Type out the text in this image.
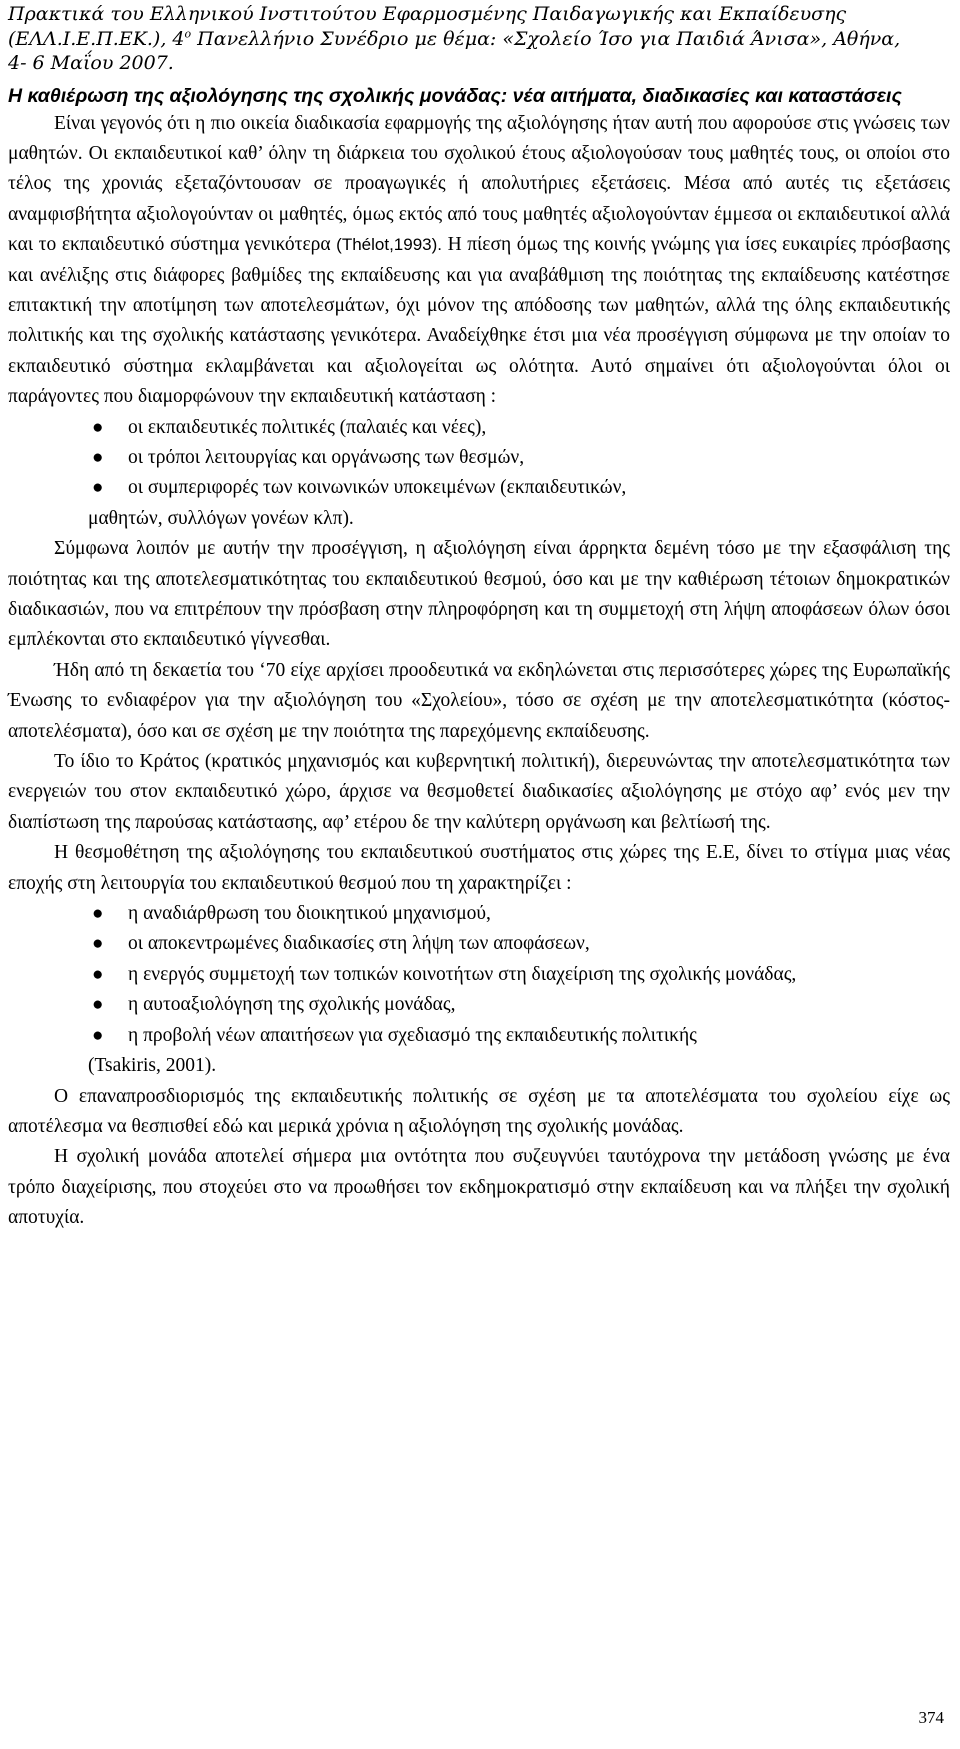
Πρακτικά του Ελληνικού Ινστιτούτου Εφαρμοσμένης Παιδαγωγικής και Εκπαίδευσης
(ΕΛΛ.Ι.Ε.Π.ΕΚ.), $4^o$ Πανελλήνιο Συνέδριο με θέμα: «Σχολείο Ίσο για Παιδιά Άνισα», Αθήνα,
4- 6 Μαΐου 2007.
Η καθιέρωση της αξιολόγησης της σχολικής μονάδας: νέα αιτήματα, διαδικασίες και καταστάσεις

Είναι γεγονός ότι η πιο οικεία διαδικασία εφαρμογής της αξιολόγησης ήταν αυτή που αφορούσε στις γνώσεις των μαθητών. Οι εκπαιδευτικοί καθ’ όλην τη διάρκεια του σχολικού έτους αξιολογούσαν τους μαθητές τους, οι οποίοι στο τέλος της χρονιάς εξεταζόντουσαν σε προαγωγικές ή απολυτήριες εξετάσεις. Μέσα από αυτές τις εξετάσεις αναμφισβήτητα αξιολογούνταν οι μαθητές, όμως εκτός από τους μαθητές αξιολογούνταν έμμεσα οι εκπαιδευτικοί αλλά και το εκπαιδευτικό σύστημα γενικότερα (Thélot,1993). Η πίεση όμως της κοινής γνώμης για ίσες ευκαιρίες πρόσβασης και ανέλιξης στις διάφορες βαθμίδες της εκπαίδευσης και για αναβάθμιση της ποιότητας της εκπαίδευσης κατέστησε επιτακτική την αποτίμηση των αποτελεσμάτων, όχι μόνον της απόδοσης των μαθητών, αλλά της όλης εκπαιδευτικής πολιτικής και της σχολικής κατάστασης γενικότερα. Αναδείχθηκε έτσι μια νέα προσέγγιση σύμφωνα με την οποίαν το εκπαιδευτικό σύστημα εκλαμβάνεται και αξιολογείται ως ολότητα. Αυτό σημαίνει ότι αξιολογούνται όλοι οι παράγοντες που διαμορφώνουν την εκπαιδευτική κατάσταση :

● οι εκπαιδευτικές πολιτικές (παλαιές και νέες),
● οι τρόποι λειτουργίας και οργάνωσης των θεσμών,
● οι συμπεριφορές των κοινωνικών υποκειμένων (εκπαιδευτικών,

μαθητών, συλλόγων γονέων κλπ).

Σύμφωνα λοιπόν με αυτήν την προσέγγιση, η αξιολόγηση είναι άρρηκτα δεμένη τόσο με την εξασφάλιση της ποιότητας και της αποτελεσματικότητας του εκπαιδευτικού θεσμού, όσο και με την καθιέρωση τέτοιων δημοκρατικών διαδικασιών, που να επιτρέπουν την πρόσβαση στην πληροφόρηση και τη συμμετοχή στη λήψη αποφάσεων όλων όσοι εμπλέκονται στο εκπαιδευτικό γίγνεσθαι.

Ήδη από τη δεκαετία του ‘70 είχε αρχίσει προοδευτικά να εκδηλώνεται στις περισσότερες χώρες της Ευρωπαϊκής Ένωσης το ενδιαφέρον για την αξιολόγηση του «Σχολείου», τόσο σε σχέση με την αποτελεσματικότητα (κόστος-αποτελέσματα), όσο και σε σχέση με την ποιότητα της παρεχόμενης εκπαίδευσης.

Το ίδιο το Κράτος (κρατικός μηχανισμός και κυβερνητική πολιτική), διερευνώντας την αποτελεσματικότητα των ενεργειών του στον εκπαιδευτικό χώρο, άρχισε να θεσμοθετεί διαδικασίες αξιολόγησης με στόχο αφ’ ενός μεν την διαπίστωση της παρούσας κατάστασης, αφ’ ετέρου δε την καλύτερη οργάνωση και βελτίωσή της.

Η θεσμοθέτηση της αξιολόγησης του εκπαιδευτικού συστήματος στις χώρες της Ε.Ε, δίνει το στίγμα μιας νέας εποχής στη λειτουργία του εκπαιδευτικού θεσμού που τη χαρακτηρίζει :

● η αναδιάρθρωση του διοικητικού μηχανισμού,
● οι αποκεντρωμένες διαδικασίες στη λήψη των αποφάσεων,
● η ενεργός συμμετοχή των τοπικών κοινοτήτων στη διαχείριση της σχολικής μονάδας,
● η αυτοαξιολόγηση της σχολικής μονάδας,
● η προβολή νέων απαιτήσεων για σχεδιασμό της εκπαιδευτικής πολιτικής

(Tsakiris, 2001).

Ο επαναπροσδιορισμός της εκπαιδευτικής πολιτικής σε σχέση με τα αποτελέσματα του σχολείου είχε ως αποτέλεσμα να θεσπισθεί εδώ και μερικά χρόνια η αξιολόγηση της σχολικής μονάδας.

Η σχολική μονάδα αποτελεί σήμερα μια οντότητα που συζευγνύει ταυτόχρονα την μετάδοση γνώσης με ένα τρόπο διαχείρισης, που στοχεύει στο να προωθήσει τον εκδημοκρατισμό στην εκπαίδευση και να πλήξει την σχολική αποτυχία.

374
